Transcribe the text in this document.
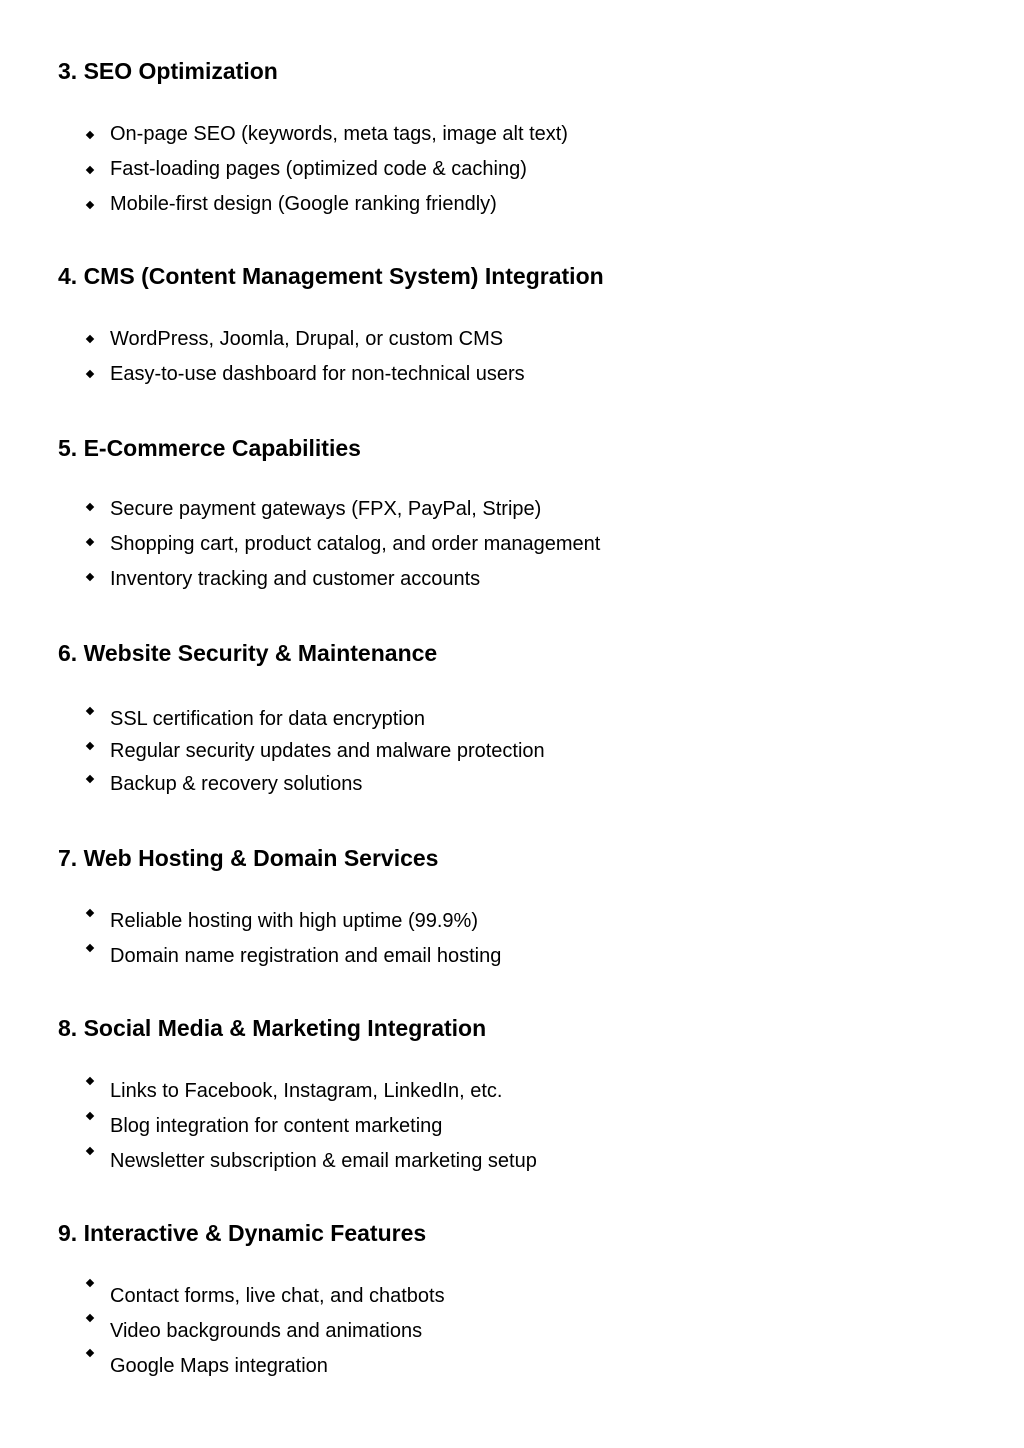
3. SEO Optimization
On-page SEO (keywords, meta tags, image alt text)
Fast-loading pages (optimized code & caching)
Mobile-first design (Google ranking friendly)
4. CMS (Content Management System) Integration
WordPress, Joomla, Drupal, or custom CMS
Easy-to-use dashboard for non-technical users
5. E-Commerce Capabilities
Secure payment gateways (FPX, PayPal, Stripe)
Shopping cart, product catalog, and order management
Inventory tracking and customer accounts
6. Website Security & Maintenance
SSL certification for data encryption
Regular security updates and malware protection
Backup & recovery solutions
7. Web Hosting & Domain Services
Reliable hosting with high uptime (99.9%)
Domain name registration and email hosting
8. Social Media & Marketing Integration
Links to Facebook, Instagram, LinkedIn, etc.
Blog integration for content marketing
Newsletter subscription & email marketing setup
9. Interactive & Dynamic Features
Contact forms, live chat, and chatbots
Video backgrounds and animations
Google Maps integration
